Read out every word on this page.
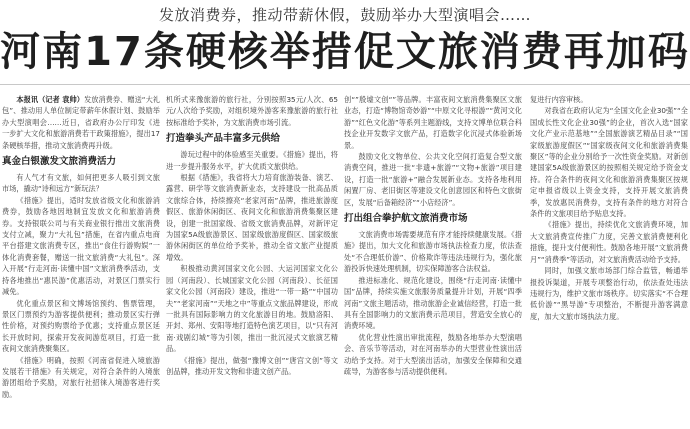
发放消费券，推动带薪休假，鼓励举办大型演唱会……
河南17条硬核举措促文旅消费再加码

本报讯（记者 袁帅）发放消费券、赠送“大礼包”、推动用人单位制定带薪年休假计划、鼓励举办大型演唱会……近日，省政府办公厅印发《进一步扩大文化和旅游消费若干政策措施》，提出17条硬核举措，推动文旅消费再升级。

真金白银激发文旅消费活力

有人气才有文旅，如何把更多人吸引到文旅市场，撬动“诗和远方”新玩法？

《措施》提出，适时发放省级文化和旅游消费券，鼓励各地因地制宜发放文化和旅游消费券。支持银联公司与有关商业银行推出文旅消费支付立减，聚力“大礼包”措施，在省内重点电商平台搭建文旅消费专区，推出“食住行游购娱”一体化消费套餐，赠送一批文旅消费“大礼包”。深入开展“行走河南·读懂中国”文旅消费季活动，支持各地推出“惠民游”优惠活动，对景区门票实行减免。

优化重点景区和文博场馆预约、售票管理，景区门票预约为游客提供便利；推动景区实行弹性价格，对预约购票给予优惠；支持重点景区延长开放时间，探索开发夜间游览项目，打造一批夜间文旅消费聚集区。

《措施》明确，按照《河南省促进入境旅游发展若干措施》有关规定，对符合条件的入境旅游团组给予奖励，对旅行社招徕入境游客进行奖励。

机所式来豫旅游的旅行社，分别按照35元/人次、65元/人次给予奖励，对组织境外游客来豫旅游的旅行社按标准给予奖补，为文旅消费市场引流。

打造拳头产品丰富多元供给

游玩过程中的体验感至关重要。《措施》提出，将进一步提升服务水平，扩大优质文旅供给。

根据《措施》，我省将大力培育旅游装备、演艺、露营、研学等文旅消费新业态，支持建设一批高品质文旅综合体，持续擦亮“老家河南”品牌，推进旅游度假区、旅游休闲街区、夜间文化和旅游消费集聚区建设，创建一批国家级、省级文旅消费品牌，对新评定为国家5A级旅游景区、国家级旅游度假区、国家级旅游休闲街区的单位给予奖补，推动全省文旅产业提质增效。

积极推动黄河国家文化公园、大运河国家文化公园（河南段）、长城国家文化公园（河南段）、长征国家文化公园（河南段）建设，推进“一带一路”“中国功夫”“老家河南”“天地之中”等重点文旅品牌建设，形成一批具有国际影响力的文化旅游目的地。鼓励洛阳、开封、郑州、安阳等地打造特色演艺项目，以“只有河南·戏剧幻城”等为引领，推出一批沉浸式文旅演艺精品。

《措施》提出，做强“豫博文创”“唐宫文创”等文创品牌，推动开发文物和非遗文创产品。

创“”殷墟文创“”等品牌。丰富夜间文旅消费集聚区文旅业态，打造“博物馆奇妙游”“中原文化寻根游”“黄河文化游”“红色文化游”等系列主题游线，支持文博单位联合科技企业开发数字文旅产品，打造数字化沉浸式体验新场景。

鼓励文化文物单位、公共文化空间打造复合型文旅消费空间，推进一批“非遗+旅游”“文物+旅游”项目建设，打造一批“旅游+”融合发展新业态。支持各地利用闲置厂房、老旧街区等建设文化创意园区和特色文旅街区，发展“后备箱经济”“小店经济”。

打出组合拳护航文旅消费市场

文旅消费市场需要规范有序才能持续健康发展。《措施》提出，加大文化和旅游市场执法检查力度，依法查处“不合理低价游”、价格欺诈等违法违规行为，强化旅游投诉快速处理机制，切实保障游客合法权益。

推进标准化、规范化建设，围绕“行走河南·读懂中国”品牌，持续实施文旅服务质量提升计划，开展“四季河南”文旅主题活动，推动旅游企业诚信经营，打造一批具有全国影响力的文旅消费示范项目，营造安全放心的消费环境。

优化营业性演出审批流程，鼓励各地举办大型演唱会、音乐节等活动，对在河南举办的大型营业性演出活动给予支持。对于大型演出活动，加强安全保障和交通疏导，为游客参与活动提供便利。

复进行内容审核。

对我省在政府认定为“全国文化企业30强”“全国成长性文化企业30强”的企业，首次入选“国家文化产业示范基地”“全国旅游演艺精品目录”“国家级旅游度假区”“国家级夜间文化和旅游消费集聚区”等的企业分别给予一次性资金奖励。对新创建国家5A级旅游景区的按照相关规定给予资金支持。符合条件的夜间文化和旅游消费集聚区按规定申报省级以上资金支持，支持开展文旅消费季，发放惠民消费券，支持有条件的地方对符合条件的文旅项目给予贴息支持。

《措施》提出，持续优化文旅消费环境，加大文旅消费宣传推广力度，完善文旅消费便利化措施，提升支付便利性。鼓励各地开展“文旅消费月”“消费季”等活动，对文旅消费活动给予支持。

同时，加强文旅市场部门综合监管，畅通举报投诉渠道，开展专项整治行动，依法查处违法违规行为，维护文旅市场秩序。切实落实“不合理低价游”“黑导游”专项整治，不断提升游客满意度，加大文旅市场执法力度。
